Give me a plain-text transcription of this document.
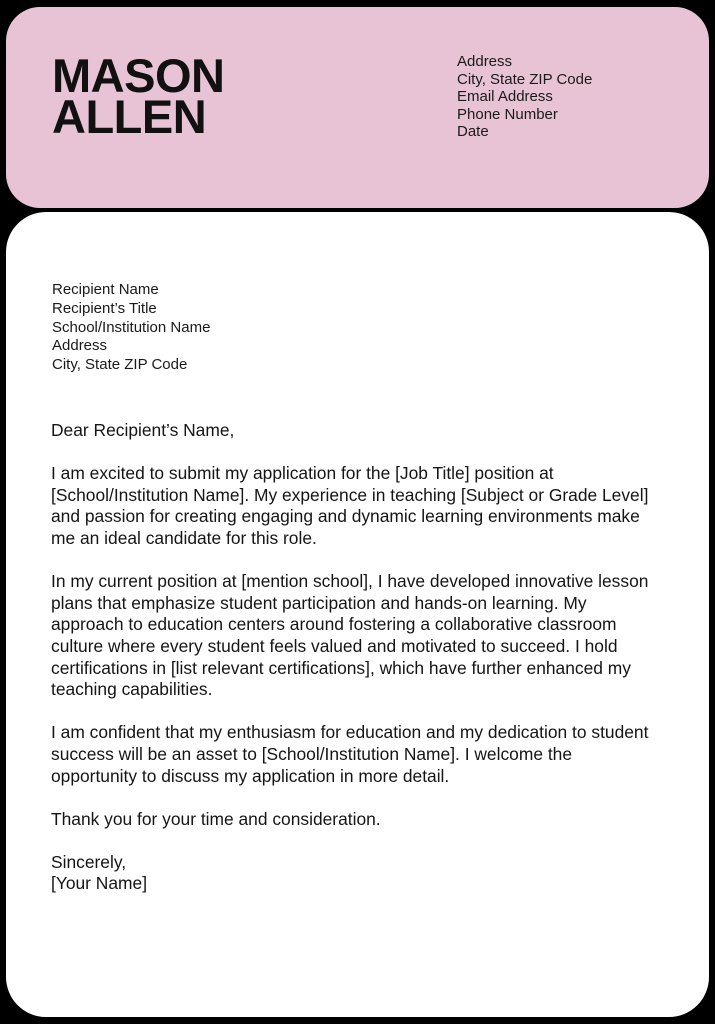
MASON
ALLEN
Address
City, State ZIP Code
Email Address
Phone Number
Date
Recipient Name
Recipient’s Title
School/Institution Name
Address
City, State ZIP Code

Dear Recipient’s Name,

I am excited to submit my application for the [Job Title] position at [School/Institution Name]. My experience in teaching [Subject or Grade Level] and passion for creating engaging and dynamic learning environments make me an ideal candidate for this role.

In my current position at [mention school], I have developed innovative lesson plans that emphasize student participation and hands-on learning. My approach to education centers around fostering a collaborative classroom culture where every student feels valued and motivated to succeed. I hold certifications in [list relevant certifications], which have further enhanced my teaching capabilities.

I am confident that my enthusiasm for education and my dedication to student success will be an asset to [School/Institution Name]. I welcome the opportunity to discuss my application in more detail.

Thank you for your time and consideration.

Sincerely,
[Your Name]
